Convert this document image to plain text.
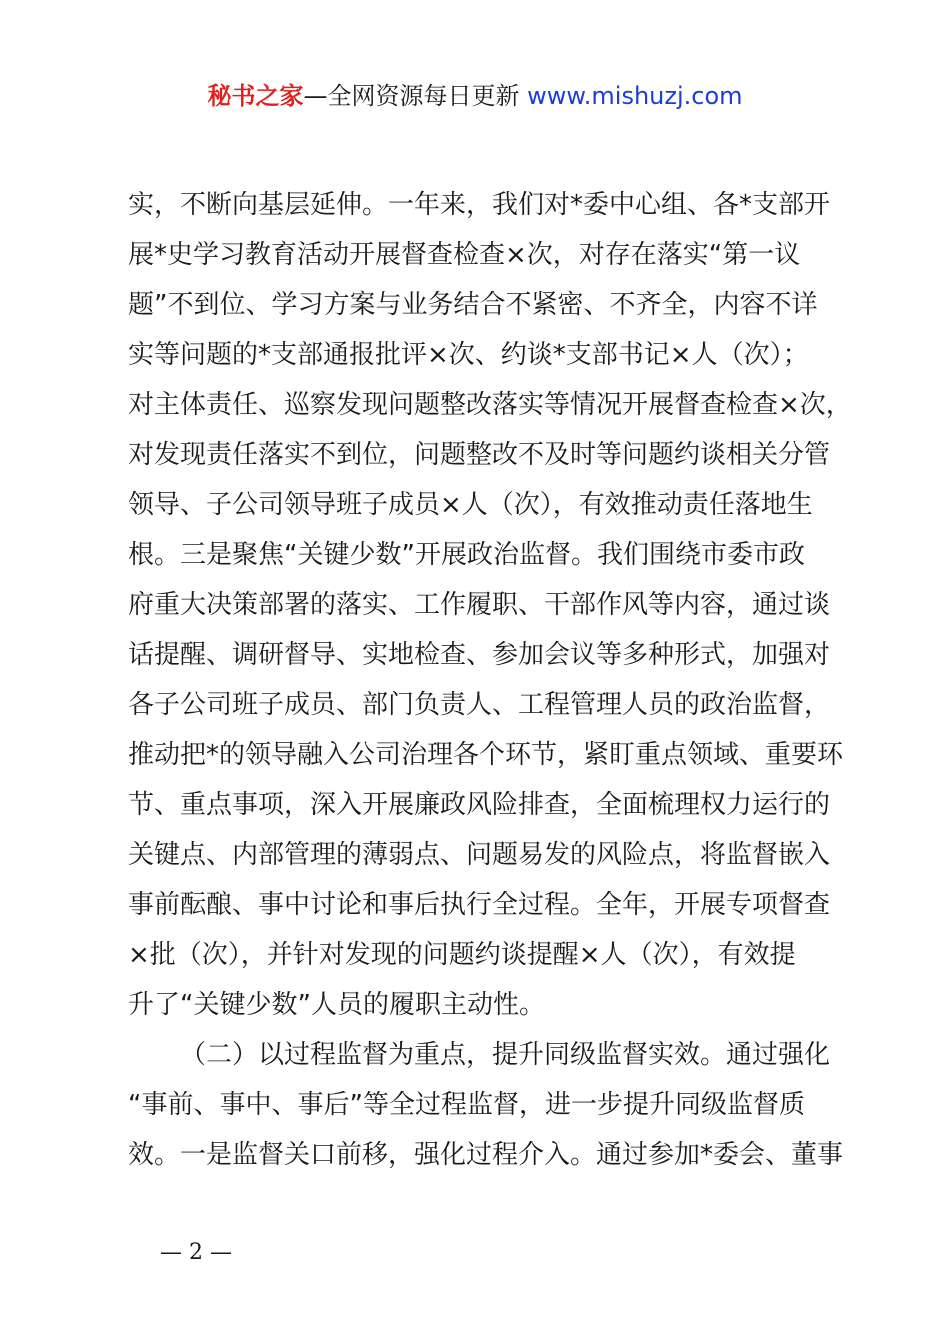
秘书之家—全网资源每日更新 www.mishuzj.com
实，不断向基层延伸。一年来，我们对*委中心组、各*支部开
展*史学习教育活动开展督查检查×次，对存在落实“第一议
题”不到位、学习方案与业务结合不紧密、不齐全，内容不详
实等问题的*支部通报批评×次、约谈*支部书记×人（次）；
对主体责任、巡察发现问题整改落实等情况开展督查检查×次，
对发现责任落实不到位，问题整改不及时等问题约谈相关分管
领导、子公司领导班子成员×人（次），有效推动责任落地生
根。三是聚焦“关键少数”开展政治监督。我们围绕市委市政
府重大决策部署的落实、工作履职、干部作风等内容，通过谈
话提醒、调研督导、实地检查、参加会议等多种形式，加强对
各子公司班子成员、部门负责人、工程管理人员的政治监督，
推动把*的领导融入公司治理各个环节，紧盯重点领域、重要环
节、重点事项，深入开展廉政风险排查，全面梳理权力运行的
关键点、内部管理的薄弱点、问题易发的风险点，将监督嵌入
事前酝酿、事中讨论和事后执行全过程。全年，开展专项督查
×批（次），并针对发现的问题约谈提醒×人（次），有效提
升了“关键少数”人员的履职主动性。
（二）以过程监督为重点，提升同级监督实效。通过强化
“事前、事中、事后”等全过程监督，进一步提升同级监督质
效。一是监督关口前移，强化过程介入。通过参加*委会、董事
— 2 —
